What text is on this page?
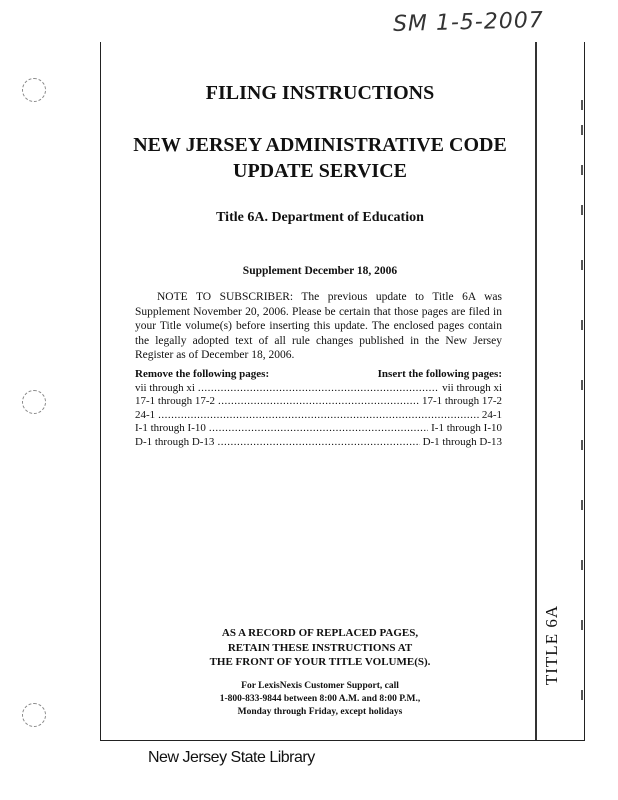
SM 1-5-2007
FILING INSTRUCTIONS
NEW JERSEY ADMINISTRATIVE CODE
UPDATE SERVICE
Title 6A. Department of Education
Supplement December 18, 2006
NOTE TO SUBSCRIBER: The previous update to Title 6A was Supplement November 20, 2006. Please be certain that those pages are filed in your Title volume(s) before inserting this update. The enclosed pages contain the legally adopted text of all rule changes published in the New Jersey Register as of December 18, 2006.
Remove the following pages:	Insert the following pages:
vii through xi .....	vii through xi
17-1 through 17-2 .....	17-1 through 17-2
24-1 .....	24-1
I-1 through I-10 .....	I-1 through I-10
D-1 through D-13 .....	D-1 through D-13
AS A RECORD OF REPLACED PAGES,
RETAIN THESE INSTRUCTIONS AT
THE FRONT OF YOUR TITLE VOLUME(S).
For LexisNexis Customer Support, call
1-800-833-9844 between 8:00 A.M. and 8:00 P.M.,
Monday through Friday, except holidays
TITLE 6A
New Jersey State Library
